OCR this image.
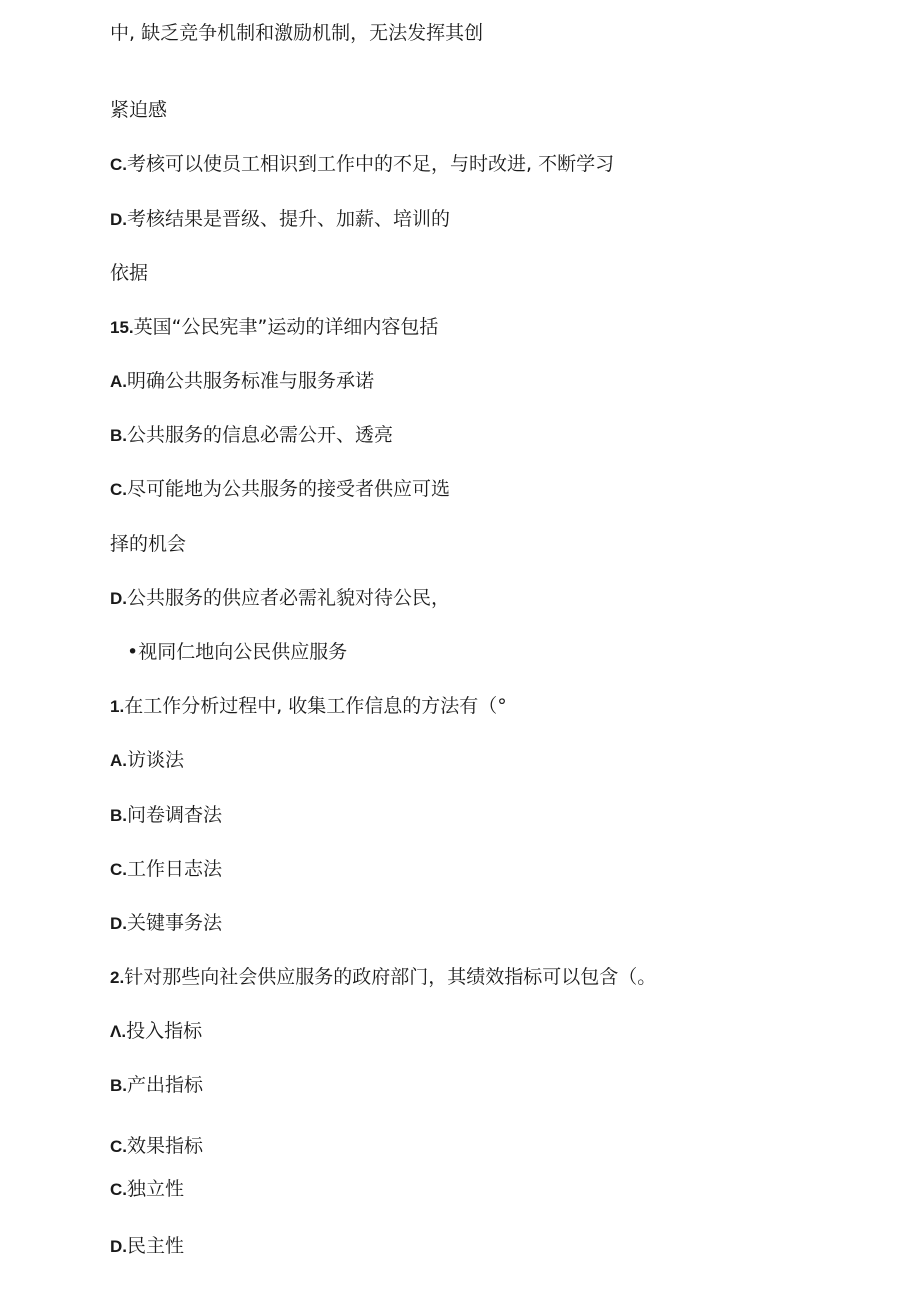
中, 缺乏竞争机制和激励机制，无法发挥其创

紧迫感

C.考核可以使员工相识到工作中的不足，与时改进, 不断学习

D.考核结果是晋级、提升、加薪、培训的

依据

15.英国“公民宪聿”运动的详细内容包括

A.明确公共服务标准与服务承诺

B.公共服务的信息必需公开、透亮

C.尽可能地为公共服务的接受者供应可选

择的机会

D.公共服务的供应者必需礼貌对待公民，

•视同仁地向公民供应服务

1.在工作分析过程中, 收集工作信息的方法有（°

A.访谈法

B.问卷调杳法

C.工作日志法

D.关键事务法

2.针对那些向社会供应服务的政府部门，其绩效指标可以包含（。

Λ.投入指标

B.产出指标

C.效果指标

C.独立性

D.民主性
